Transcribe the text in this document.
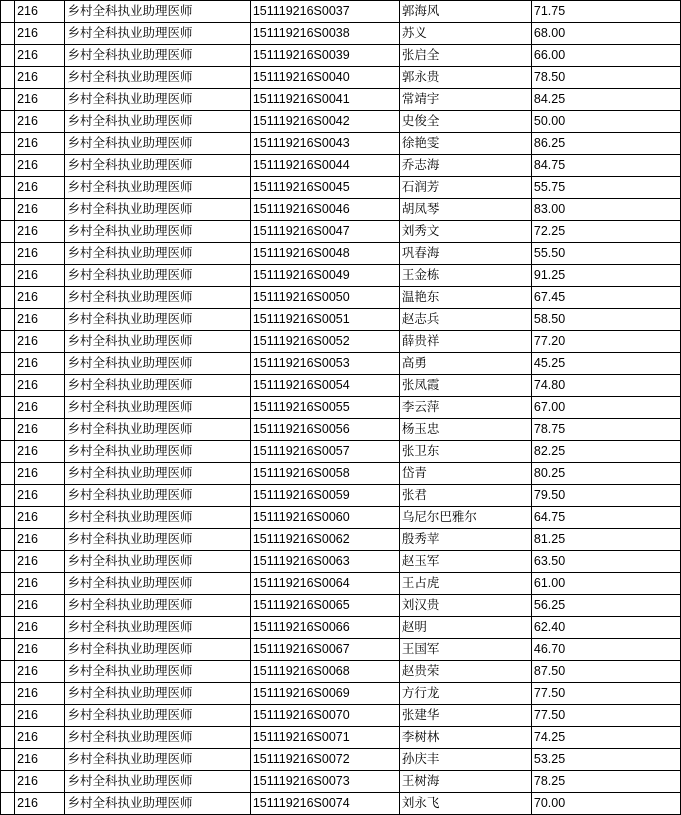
	216	乡村全科执业助理医师	151119216S0037	郭海风	71.75
	216	乡村全科执业助理医师	151119216S0038	苏义	68.00
	216	乡村全科执业助理医师	151119216S0039	张启全	66.00
	216	乡村全科执业助理医师	151119216S0040	郭永贵	78.50
	216	乡村全科执业助理医师	151119216S0041	常靖宇	84.25
	216	乡村全科执业助理医师	151119216S0042	史俊全	50.00
	216	乡村全科执业助理医师	151119216S0043	徐艳雯	86.25
	216	乡村全科执业助理医师	151119216S0044	乔志海	84.75
	216	乡村全科执业助理医师	151119216S0045	石润芳	55.75
	216	乡村全科执业助理医师	151119216S0046	胡凤琴	83.00
	216	乡村全科执业助理医师	151119216S0047	刘秀文	72.25
	216	乡村全科执业助理医师	151119216S0048	巩春海	55.50
	216	乡村全科执业助理医师	151119216S0049	王金栋	91.25
	216	乡村全科执业助理医师	151119216S0050	温艳东	67.45
	216	乡村全科执业助理医师	151119216S0051	赵志兵	58.50
	216	乡村全科执业助理医师	151119216S0052	薛贵祥	77.20
	216	乡村全科执业助理医师	151119216S0053	高勇	45.25
	216	乡村全科执业助理医师	151119216S0054	张凤霞	74.80
	216	乡村全科执业助理医师	151119216S0055	李云萍	67.00
	216	乡村全科执业助理医师	151119216S0056	杨玉忠	78.75
	216	乡村全科执业助理医师	151119216S0057	张卫东	82.25
	216	乡村全科执业助理医师	151119216S0058	岱青	80.25
	216	乡村全科执业助理医师	151119216S0059	张君	79.50
	216	乡村全科执业助理医师	151119216S0060	乌尼尔巴雅尔	64.75
	216	乡村全科执业助理医师	151119216S0062	殷秀苹	81.25
	216	乡村全科执业助理医师	151119216S0063	赵玉军	63.50
	216	乡村全科执业助理医师	151119216S0064	王占虎	61.00
	216	乡村全科执业助理医师	151119216S0065	刘汉贵	56.25
	216	乡村全科执业助理医师	151119216S0066	赵明	62.40
	216	乡村全科执业助理医师	151119216S0067	王国军	46.70
	216	乡村全科执业助理医师	151119216S0068	赵贵荣	87.50
	216	乡村全科执业助理医师	151119216S0069	方行龙	77.50
	216	乡村全科执业助理医师	151119216S0070	张建华	77.50
	216	乡村全科执业助理医师	151119216S0071	李树林	74.25
	216	乡村全科执业助理医师	151119216S0072	孙庆丰	53.25
	216	乡村全科执业助理医师	151119216S0073	王树海	78.25
	216	乡村全科执业助理医师	151119216S0074	刘永飞	70.00
